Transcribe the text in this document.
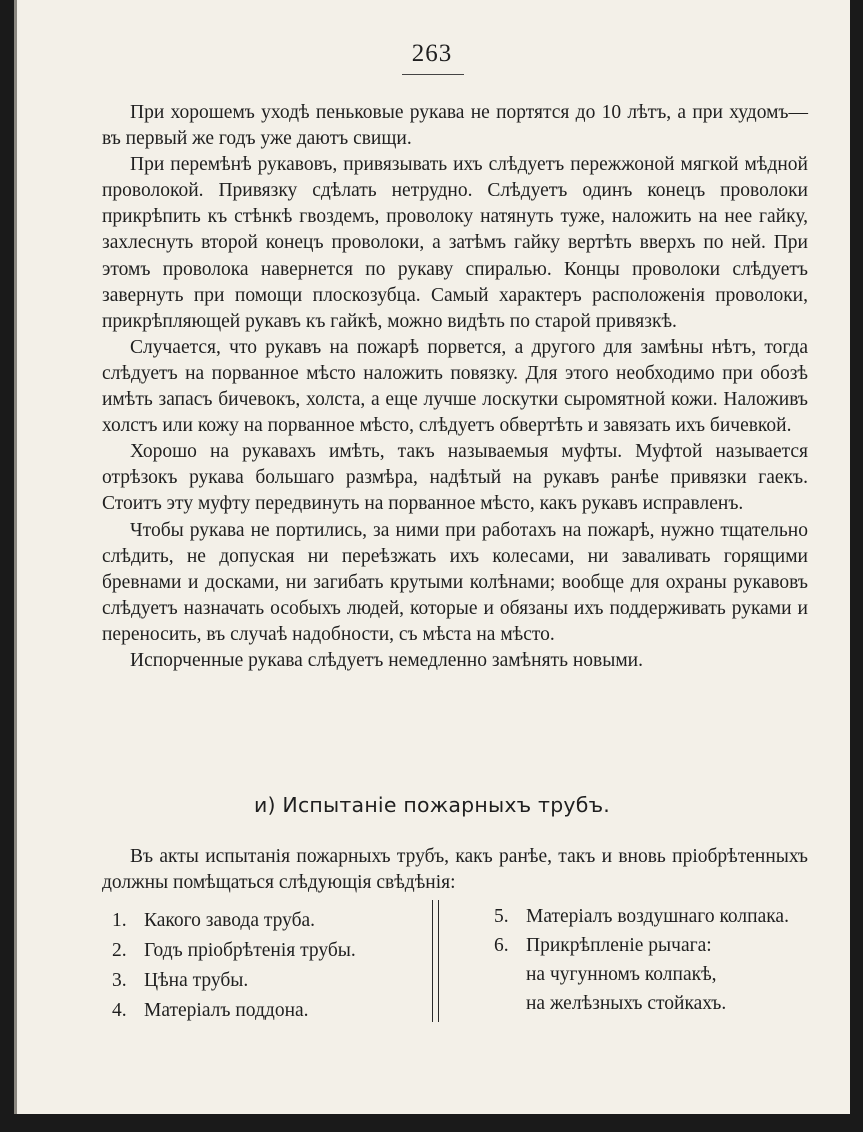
263

При хорошемъ уходѣ пеньковые рукава не портятся до 10 лѣтъ, а при худомъ—въ первый же годъ уже даютъ свищи.

При перемѣнѣ рукавовъ, привязывать ихъ слѣдуетъ пережжоной мягкой мѣдной проволокой. Привязку сдѣлать нетрудно. Слѣдуетъ одинъ конецъ проволоки прикрѣпить къ стѣнкѣ гвоздемъ, проволоку натянуть туже, наложить на нее гайку, захлеснуть второй конецъ проволоки, а затѣмъ гайку вертѣть вверхъ по ней. При этомъ проволока навернется по рукаву спиралью. Концы проволоки слѣдуетъ завернуть при помощи плоскозубца. Самый характеръ расположенія проволоки, прикрѣпляющей рукавъ къ гайкѣ, можно видѣть по старой привязкѣ.

Случается, что рукавъ на пожарѣ порвется, а другого для замѣны нѣтъ, тогда слѣдуетъ на порванное мѣсто наложить повязку. Для этого необходимо при обозѣ имѣть запасъ бичевокъ, холста, а еще лучше лоскутки сыромятной кожи. Наложивъ холстъ или кожу на порванное мѣсто, слѣдуетъ обвертѣть и завязать ихъ бичевкой.

Хорошо на рукавахъ имѣть, такъ называемыя муфты. Муфтой называется отрѣзокъ рукава большаго размѣра, надѣтый на рукавъ ранѣе привязки гаекъ. Стоитъ эту муфту передвинуть на порванное мѣсто, какъ рукавъ исправленъ.

Чтобы рукава не портились, за ними при работахъ на пожарѣ, нужно тщательно слѣдить, не допуская ни переѣзжать ихъ колесами, ни заваливать горящими бревнами и досками, ни загибать крутыми колѣнами; вообще для охраны рукавовъ слѣдуетъ назначать особыхъ людей, которые и обязаны ихъ поддерживать руками и переносить, въ случаѣ надобности, съ мѣста на мѣсто.

Испорченные рукава слѣдуетъ немедленно замѣнять новыми.

и) Испытаніе пожарныхъ трубъ.

Въ акты испытанія пожарныхъ трубъ, какъ ранѣе, такъ и вновь пріобрѣтенныхъ должны помѣщаться слѣдующія свѣдѣнія:

1. Какого завода труба.
2. Годъ пріобрѣтенія трубы.
3. Цѣна трубы.
4. Матеріалъ поддона.
5. Матеріалъ воздушнаго колпака.
6. Прикрѣпленіе рычага:
на чугунномъ колпакѣ,
на желѣзныхъ стойкахъ.
